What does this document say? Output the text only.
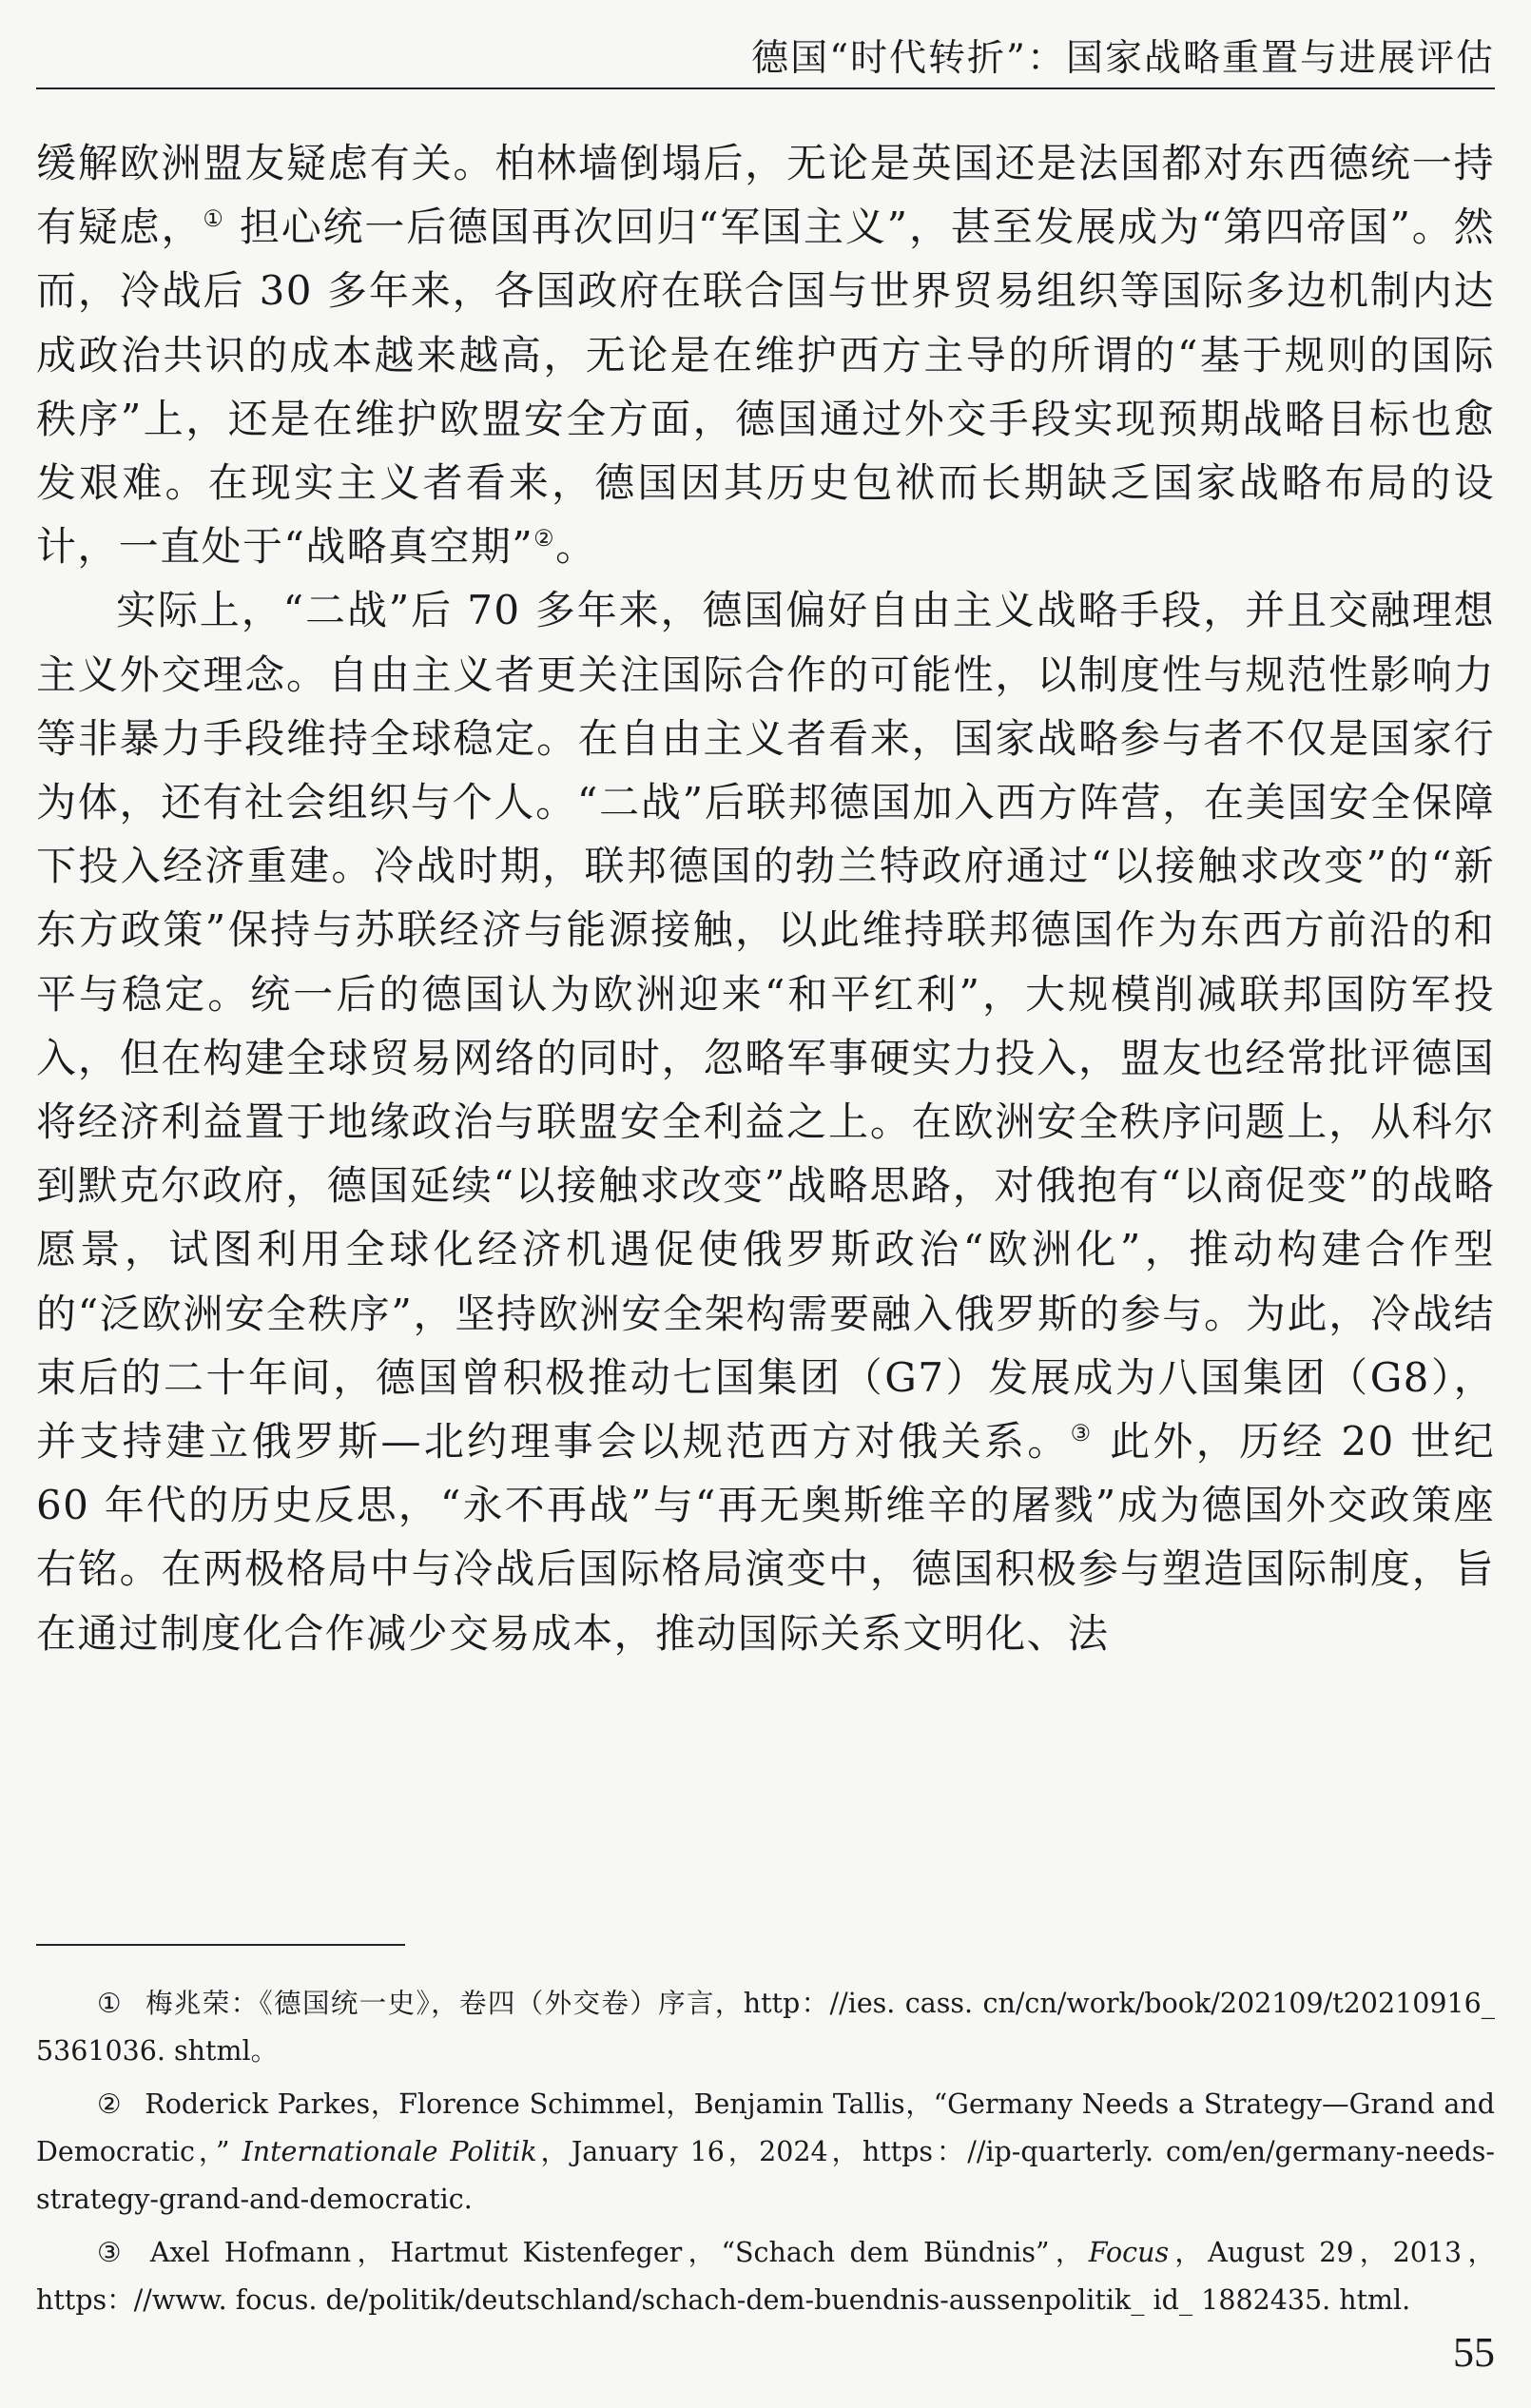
德国“时代转折”：国家战略重置与进展评估

缓解欧洲盟友疑虑有关。柏林墙倒塌后，无论是英国还是法国都对东西德统一持有疑虑，① 担心统一后德国再次回归“军国主义”，甚至发展成为“第四帝国”。然而，冷战后 30 多年来，各国政府在联合国与世界贸易组织等国际多边机制内达成政治共识的成本越来越高，无论是在维护西方主导的所谓的“基于规则的国际秩序”上，还是在维护欧盟安全方面，德国通过外交手段实现预期战略目标也愈发艰难。在现实主义者看来，德国因其历史包袱而长期缺乏国家战略布局的设计，一直处于“战略真空期”②。

实际上，“二战”后 70 多年来，德国偏好自由主义战略手段，并且交融理想主义外交理念。自由主义者更关注国际合作的可能性，以制度性与规范性影响力等非暴力手段维持全球稳定。在自由主义者看来，国家战略参与者不仅是国家行为体，还有社会组织与个人。“二战”后联邦德国加入西方阵营，在美国安全保障下投入经济重建。冷战时期，联邦德国的勃兰特政府通过“以接触求改变”的“新东方政策”保持与苏联经济与能源接触，以此维持联邦德国作为东西方前沿的和平与稳定。统一后的德国认为欧洲迎来“和平红利”，大规模削减联邦国防军投入，但在构建全球贸易网络的同时，忽略军事硬实力投入，盟友也经常批评德国将经济利益置于地缘政治与联盟安全利益之上。在欧洲安全秩序问题上，从科尔到默克尔政府，德国延续“以接触求改变”战略思路，对俄抱有“以商促变”的战略愿景，试图利用全球化经济机遇促使俄罗斯政治“欧洲化”，推动构建合作型的“泛欧洲安全秩序”，坚持欧洲安全架构需要融入俄罗斯的参与。为此，冷战结束后的二十年间，德国曾积极推动七国集团（G7）发展成为八国集团（G8），并支持建立俄罗斯—北约理事会以规范西方对俄关系。③ 此外，历经 20 世纪 60 年代的历史反思，“永不再战”与“再无奥斯维辛的屠戮”成为德国外交政策座右铭。在两极格局中与冷战后国际格局演变中，德国积极参与塑造国际制度，旨在通过制度化合作减少交易成本，推动国际关系文明化、法

① 梅兆荣：《德国统一史》，卷四（外交卷）序言，http：//ies. cass. cn/cn/work/book/202109/t20210916_ 5361036. shtml。

② Roderick Parkes，Florence Schimmel，Benjamin Tallis，“Germany Needs a Strategy—Grand and Democratic，” Internationale Politik，January 16，2024，https：//ip-quarterly. com/en/germany-needs-strategy-grand-and-democratic.

③ Axel Hofmann，Hartmut Kistenfeger，“Schach dem Bündnis”，Focus，August 29，2013，https：//www. focus. de/politik/deutschland/schach-dem-buendnis-aussenpolitik_ id_ 1882435. html.

55
